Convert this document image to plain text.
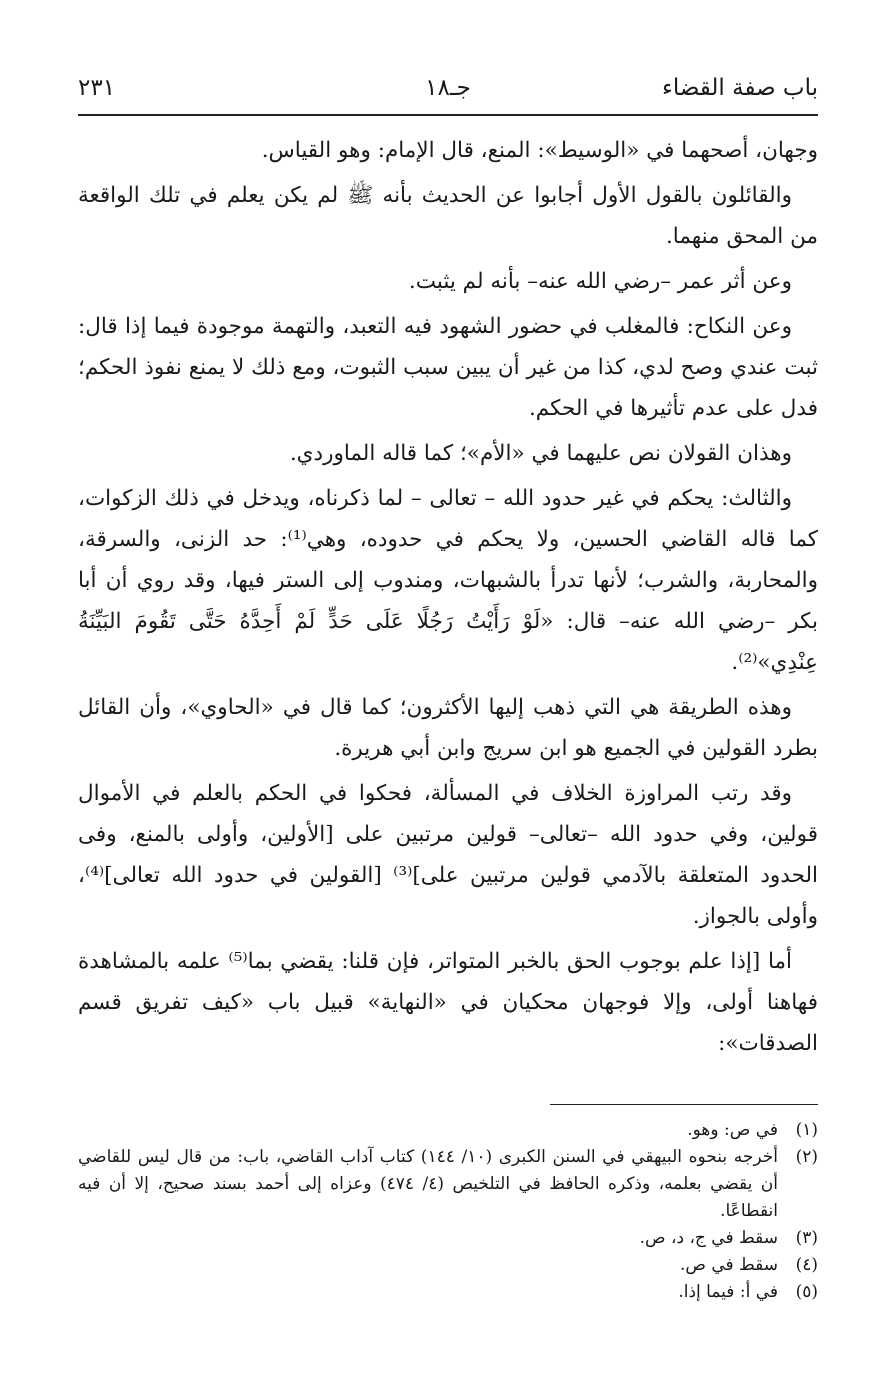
باب صفة القضاء
جـ١٨
٢٣١

وجهان، أصحهما في «الوسيط»: المنع، قال الإمام: وهو القياس.

والقائلون بالقول الأول أجابوا عن الحديث بأنه ﷺ لم يكن يعلم في تلك الواقعة من المحق منهما.

وعن أثر عمر –رضي الله عنه– بأنه لم يثبت.

وعن النكاح: فالمغلب في حضور الشهود فيه التعبد، والتهمة موجودة فيما إذا قال: ثبت عندي وصح لدي، كذا من غير أن يبين سبب الثبوت، ومع ذلك لا يمنع نفوذ الحكم؛ فدل على عدم تأثيرها في الحكم.

وهذان القولان نص عليهما في «الأم»؛ كما قاله الماوردي.

والثالث: يحكم في غير حدود الله – تعالى – لما ذكرناه، ويدخل في ذلك الزكوات، كما قاله القاضي الحسين، ولا يحكم في حدوده، وهي⁽¹⁾: حد الزنى، والسرقة، والمحاربة، والشرب؛ لأنها تدرأ بالشبهات، ومندوب إلى الستر فيها، وقد روي أن أبا بكر –رضي الله عنه– قال: «لَوْ رَأَيْتُ رَجُلًا عَلَى حَدٍّ لَمْ أَحِدَّهُ حَتَّى تَقُومَ البَيِّنَةُ عِنْدِي»⁽²⁾.

وهذه الطريقة هي التي ذهب إليها الأكثرون؛ كما قال في «الحاوي»، وأن القائل بطرد القولين في الجميع هو ابن سريج وابن أبي هريرة.

وقد رتب المراوزة الخلاف في المسألة، فحكوا في الحكم بالعلم في الأموال قولين، وفي حدود الله –تعالى– قولين مرتبين على [الأولين، وأولى بالمنع، وفى الحدود المتعلقة بالآدمي قولين مرتبين على]⁽³⁾ [القولين في حدود الله تعالى]⁽⁴⁾، وأولى بالجواز.

أما [إذا علم بوجوب الحق بالخبر المتواتر، فإن قلنا: يقضي بما⁽⁵⁾ علمه بالمشاهدة فهاهنا أولى، وإلا فوجهان محكيان في «النهاية» قبيل باب «كيف تفريق قسم الصدقات»:

(١)
في ص: وهو.
(٢)
أخرجه بنحوه البيهقي في السنن الكبرى (١٠/ ١٤٤) كتاب آداب القاضي، باب: من قال ليس للقاضي أن يقضي بعلمه، وذكره الحافظ في التلخيص (٤/ ٤٧٤) وعزاه إلى أحمد بسند صحيح، إلا أن فيه انقطاعًا.
(٣)
سقط في ج، د، ص.
(٤)
سقط في ص.
(٥)
في أ: فيما إذا.
